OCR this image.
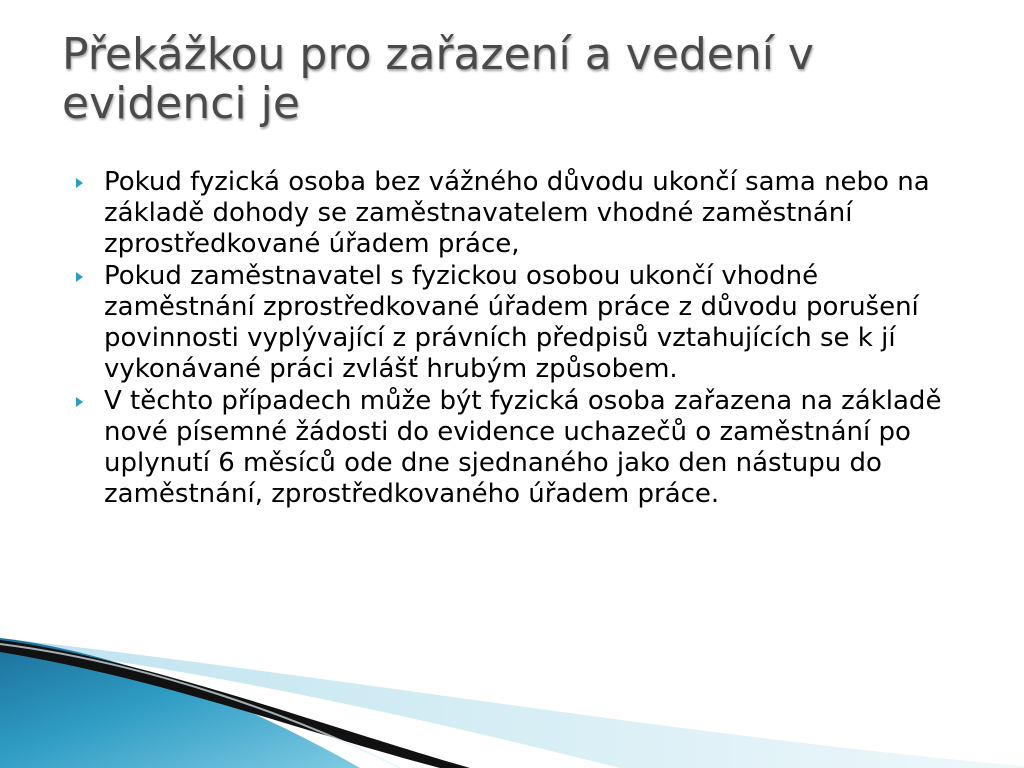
Překážkou pro zařazení a vedení v
evidenci je
Pokud fyzická osoba bez vážného důvodu ukončí sama nebo na základě dohody se zaměstnavatelem vhodné zaměstnání zprostředkované úřadem práce,
Pokud zaměstnavatel s fyzickou osobou ukončí vhodné zaměstnání zprostředkované úřadem práce z důvodu porušení povinnosti vyplývající z právních předpisů vztahujících se k jí vykonávané práci zvlášť hrubým způsobem.
V těchto případech může být fyzická osoba zařazena na základě nové písemné žádosti do evidence uchazečů o zaměstnání po uplynutí 6 měsíců ode dne sjednaného jako den nástupu do zaměstnání, zprostředkovaného úřadem práce.
